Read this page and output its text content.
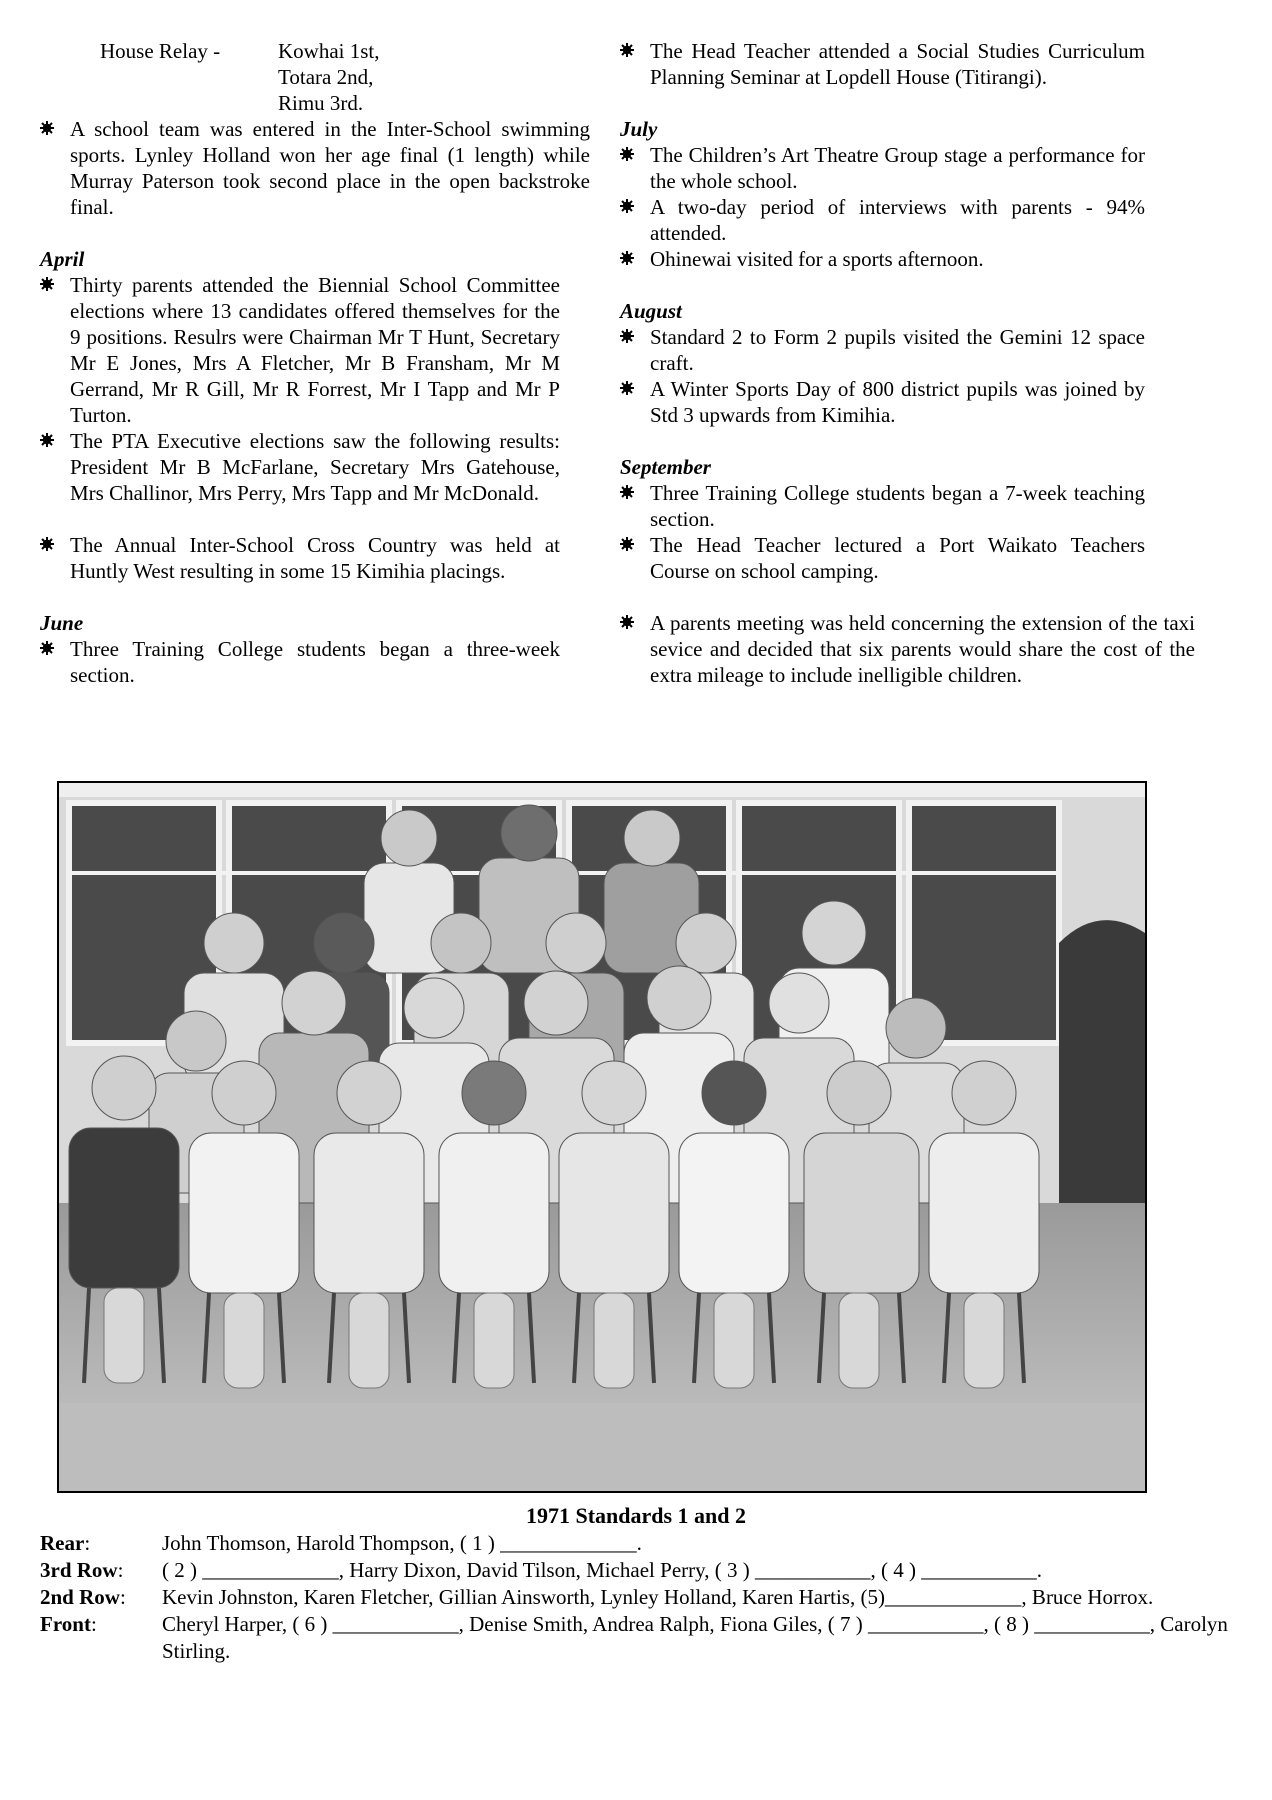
House Relay -	Kowhai 1st,
Totara 2nd,
Rimu 3rd.

A school team was entered in the Inter-School swimming sports. Lynley Holland won her age final (1 length) while Murray Paterson took second place in the open backstroke final.

April

Thirty parents attended the Biennial School Committee elections where 13 candidates offered themselves for the 9 positions. Resulrs were Chairman Mr T Hunt, Secretary Mr E Jones, Mrs A Fletcher, Mr B Fransham, Mr M Gerrand, Mr R Gill, Mr R Forrest, Mr I Tapp and Mr P Turton.

The PTA Executive elections saw the following results: President Mr B McFarlane, Secretary Mrs Gatehouse, Mrs Challinor, Mrs Perry, Mrs Tapp and Mr McDonald.

The Annual Inter-School Cross Country was held at Huntly West resulting in some 15 Kimihia placings.

June

Three Training College students began a three-week section.

The Head Teacher attended a Social Studies Curriculum Planning Seminar at Lopdell House (Titirangi).

July

The Children’s Art Theatre Group stage a performance for the whole school.

A two-day period of interviews with parents - 94% attended.

Ohinewai visited for a sports afternoon.

August

Standard 2 to Form 2 pupils visited the Gemini 12 space craft.

A Winter Sports Day of 800 district pupils was joined by Std 3 upwards from Kimihia.

September

Three Training College students began a 7-week teaching section.

The Head Teacher lectured a Port Waikato Teachers Course on school camping.

A parents meeting was held concerning the extension of the taxi sevice and decided that six parents would share the cost of the extra mileage to include inelligible children.

1971 Standards 1 and 2
Rear:	John Thomson, Harold Thompson, ( 1 ) _____________.
3rd Row: ( 2 ) _____________, Harry Dixon, David Tilson, Michael Perry, ( 3 ) ___________, ( 4 ) ___________.
2nd Row: Kevin Johnston, Karen Fletcher, Gillian Ainsworth, Lynley Holland, Karen Hartis, (5)_____________, Bruce Horrox.
Front:	Cheryl Harper, ( 6 ) ____________, Denise Smith, Andrea Ralph, Fiona Giles, ( 7 ) ___________, ( 8 ) ___________, Carolyn Stirling.
